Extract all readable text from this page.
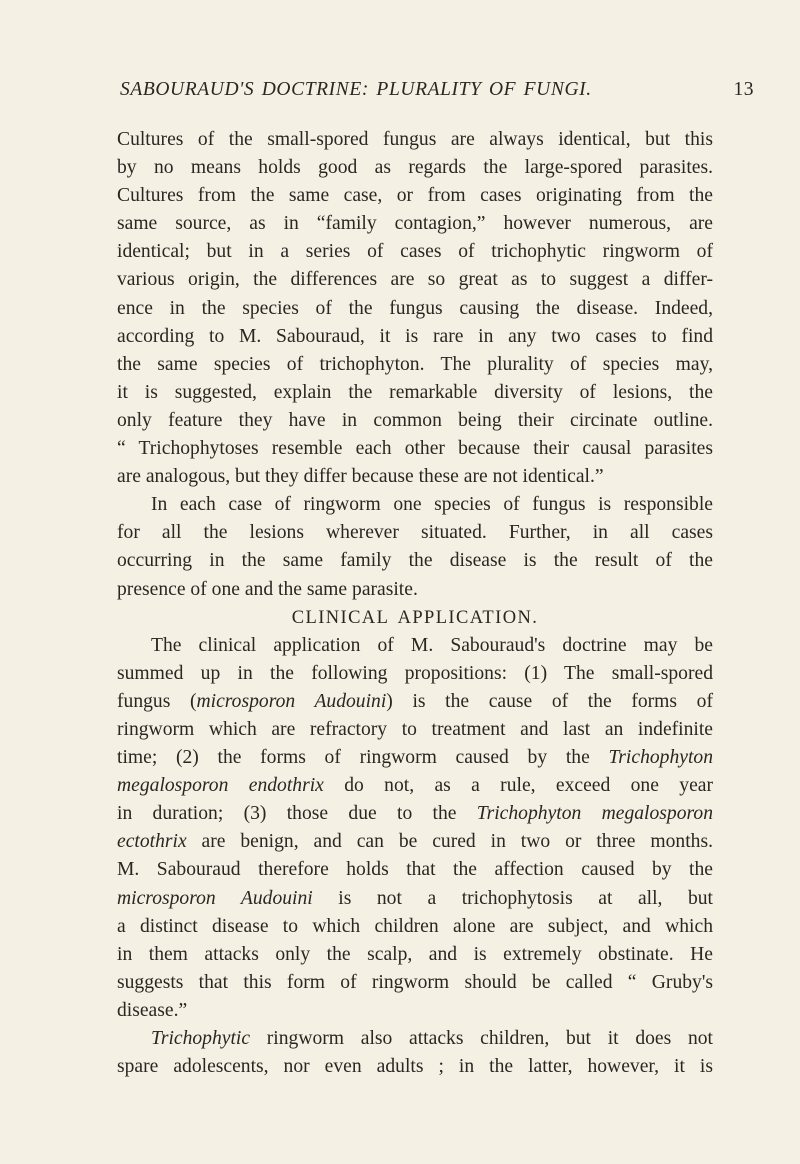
SABOURAUD'S DOCTRINE: PLURALITY OF FUNGI.	13
Cultures of the small-spored fungus are always identical, but this
by no means holds good as regards the large-spored parasites.
Cultures from the same case, or from cases originating from the
same source, as in “family contagion,” however numerous, are
identical; but in a series of cases of trichophytic ringworm of
various origin, the differences are so great as to suggest a differ-
ence in the species of the fungus causing the disease. Indeed,
according to M. Sabouraud, it is rare in any two cases to find
the same species of trichophyton. The plurality of species may,
it is suggested, explain the remarkable diversity of lesions, the
only feature they have in common being their circinate outline.
“ Trichophytoses resemble each other because their causal parasites
are analogous, but they differ because these are not identical.”
In each case of ringworm one species of fungus is responsible
for all the lesions wherever situated. Further, in all cases
occurring in the same family the disease is the result of the
presence of one and the same parasite.
CLINICAL APPLICATION.
The clinical application of M. Sabouraud's doctrine may be
summed up in the following propositions: (1) The small-spored
fungus (microsporon Audouini) is the cause of the forms of
ringworm which are refractory to treatment and last an indefinite
time; (2) the forms of ringworm caused by the Trichophyton
megalosporon endothrix do not, as a rule, exceed one year
in duration; (3) those due to the Trichophyton megalosporon
ectothrix are benign, and can be cured in two or three months.
M. Sabouraud therefore holds that the affection caused by the
microsporon Audouini is not a trichophytosis at all, but
a distinct disease to which children alone are subject, and which
in them attacks only the scalp, and is extremely obstinate. He
suggests that this form of ringworm should be called “ Gruby's
disease.”
Trichophytic ringworm also attacks children, but it does not
spare adolescents, nor even adults ; in the latter, however, it is
